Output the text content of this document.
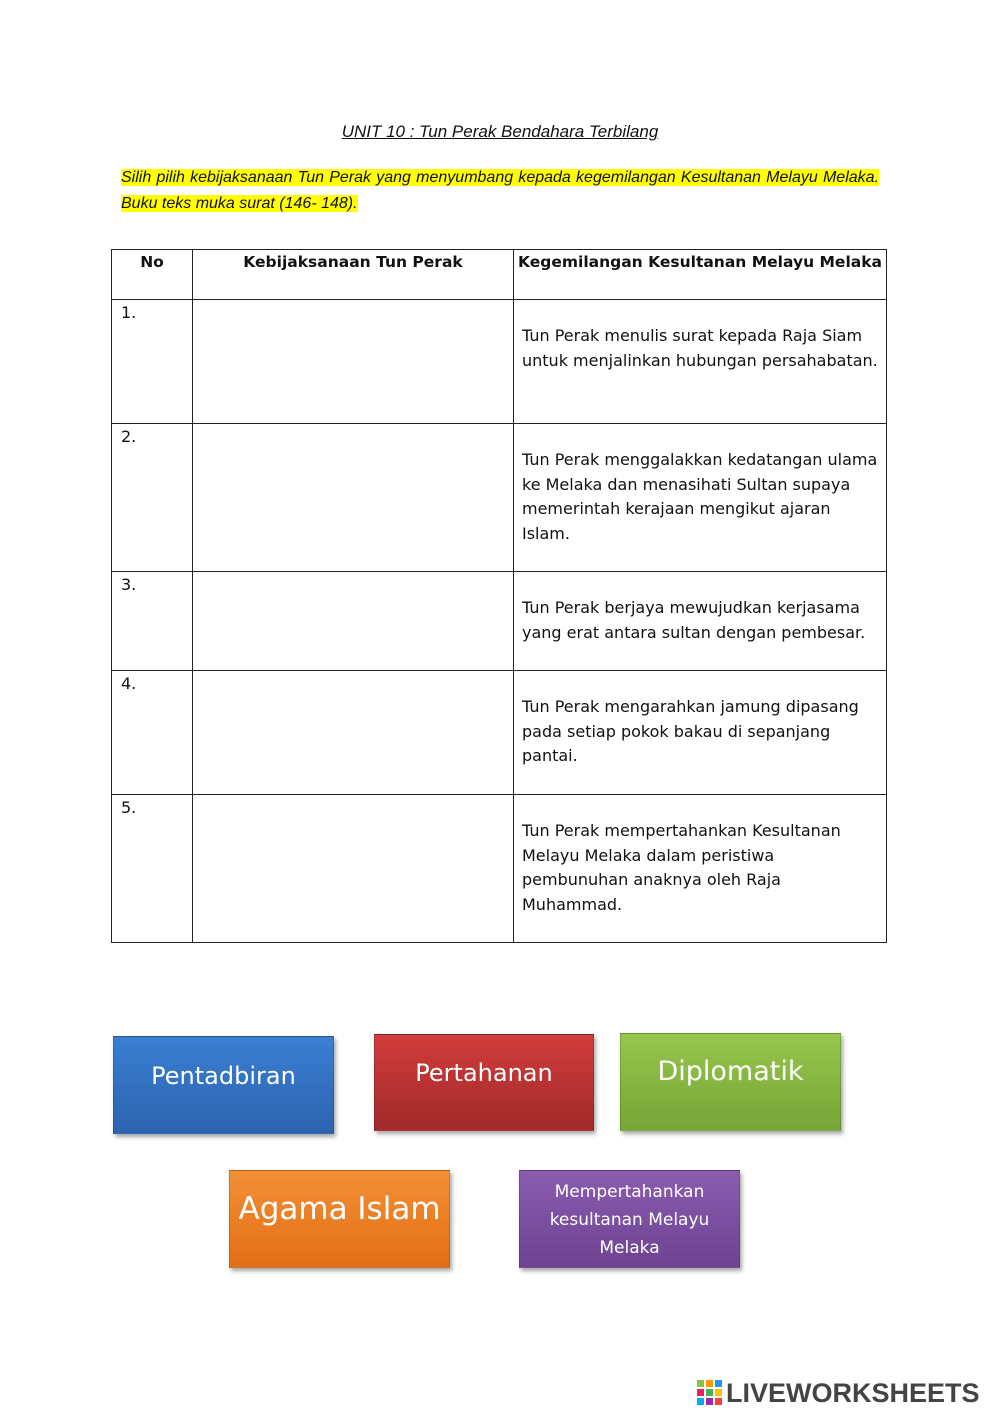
UNIT 10 : Tun Perak Bendahara Terbilang
Silih pilih kebijaksanaan Tun Perak yang menyumbang kepada kegemilangan Kesultanan Melayu Melaka. Buku teks muka surat (146- 148).
No	Kebijaksanaan Tun Perak	Kegemilangan Kesultanan Melayu Melaka

1.		Tun Perak menulis surat kepada Raja Siam untuk menjalinkan hubungan persahabatan.

2.		Tun Perak menggalakkan kedatangan ulama ke Melaka dan menasihati Sultan supaya memerintah kerajaan mengikut ajaran Islam.

3.		Tun Perak berjaya mewujudkan kerjasama yang erat antara sultan dengan pembesar.

4.		Tun Perak mengarahkan jamung dipasang pada setiap pokok bakau di sepanjang pantai.

5.		Tun Perak mempertahankan Kesultanan Melayu Melaka dalam peristiwa pembunuhan anaknya oleh Raja Muhammad.
Pentadbiran	Pertahanan	Diplomatik
Agama Islam	Mempertahankan kesultanan Melayu Melaka
LIVEWORKSHEETS
